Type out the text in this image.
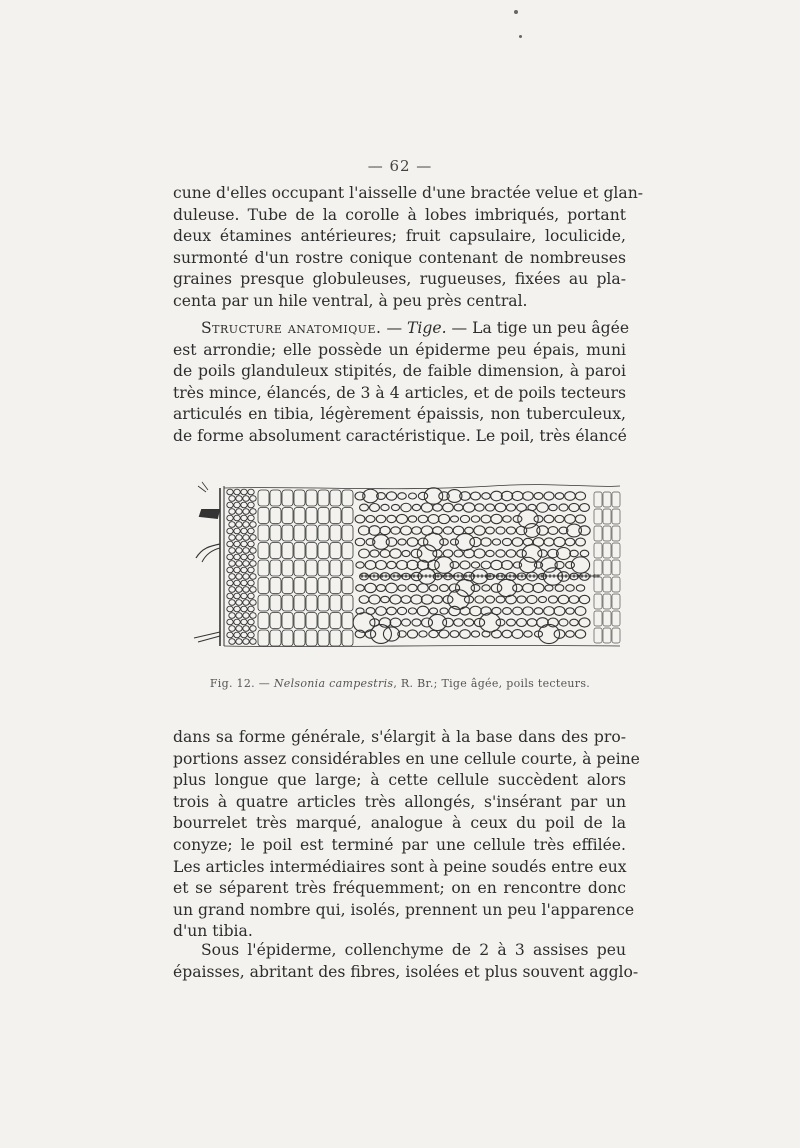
— 62 —
cune d'elles occupant l'aisselle d'une bractée velue et glan-
duleuse. Tube de la corolle à lobes imbriqués, portant
deux étamines antérieures; fruit capsulaire, loculicide,
surmonté d'un rostre conique contenant de nombreuses
graines presque globuleuses, rugueuses, fixées au pla-
centa par un hile ventral, à peu près central.
Structure anatomique. — Tige. — La tige un peu âgée
est arrondie; elle possède un épiderme peu épais, muni
de poils glanduleux stipités, de faible dimension, à paroi
très mince, élancés, de 3 à 4 articles, et de poils tecteurs
articulés en tibia, légèrement épaissis, non tuberculeux,
de forme absolument caractéristique. Le poil, très élancé
Fig. 12. — Nelsonia campestris, R. Br.; Tige âgée, poils tecteurs.
dans sa forme générale, s'élargit à la base dans des pro-
portions assez considérables en une cellule courte, à peine
plus longue que large; à cette cellule succèdent alors
trois à quatre articles très allongés, s'insérant par un
bourrelet très marqué, analogue à ceux du poil de la
conyze; le poil est terminé par une cellule très effilée.
Les articles intermédiaires sont à peine soudés entre eux
et se séparent très fréquemment; on en rencontre donc
un grand nombre qui, isolés, prennent un peu l'apparence
d'un tibia.
Sous l'épiderme, collenchyme de 2 à 3 assises peu
épaisses, abritant des fibres, isolées et plus souvent agglo-
